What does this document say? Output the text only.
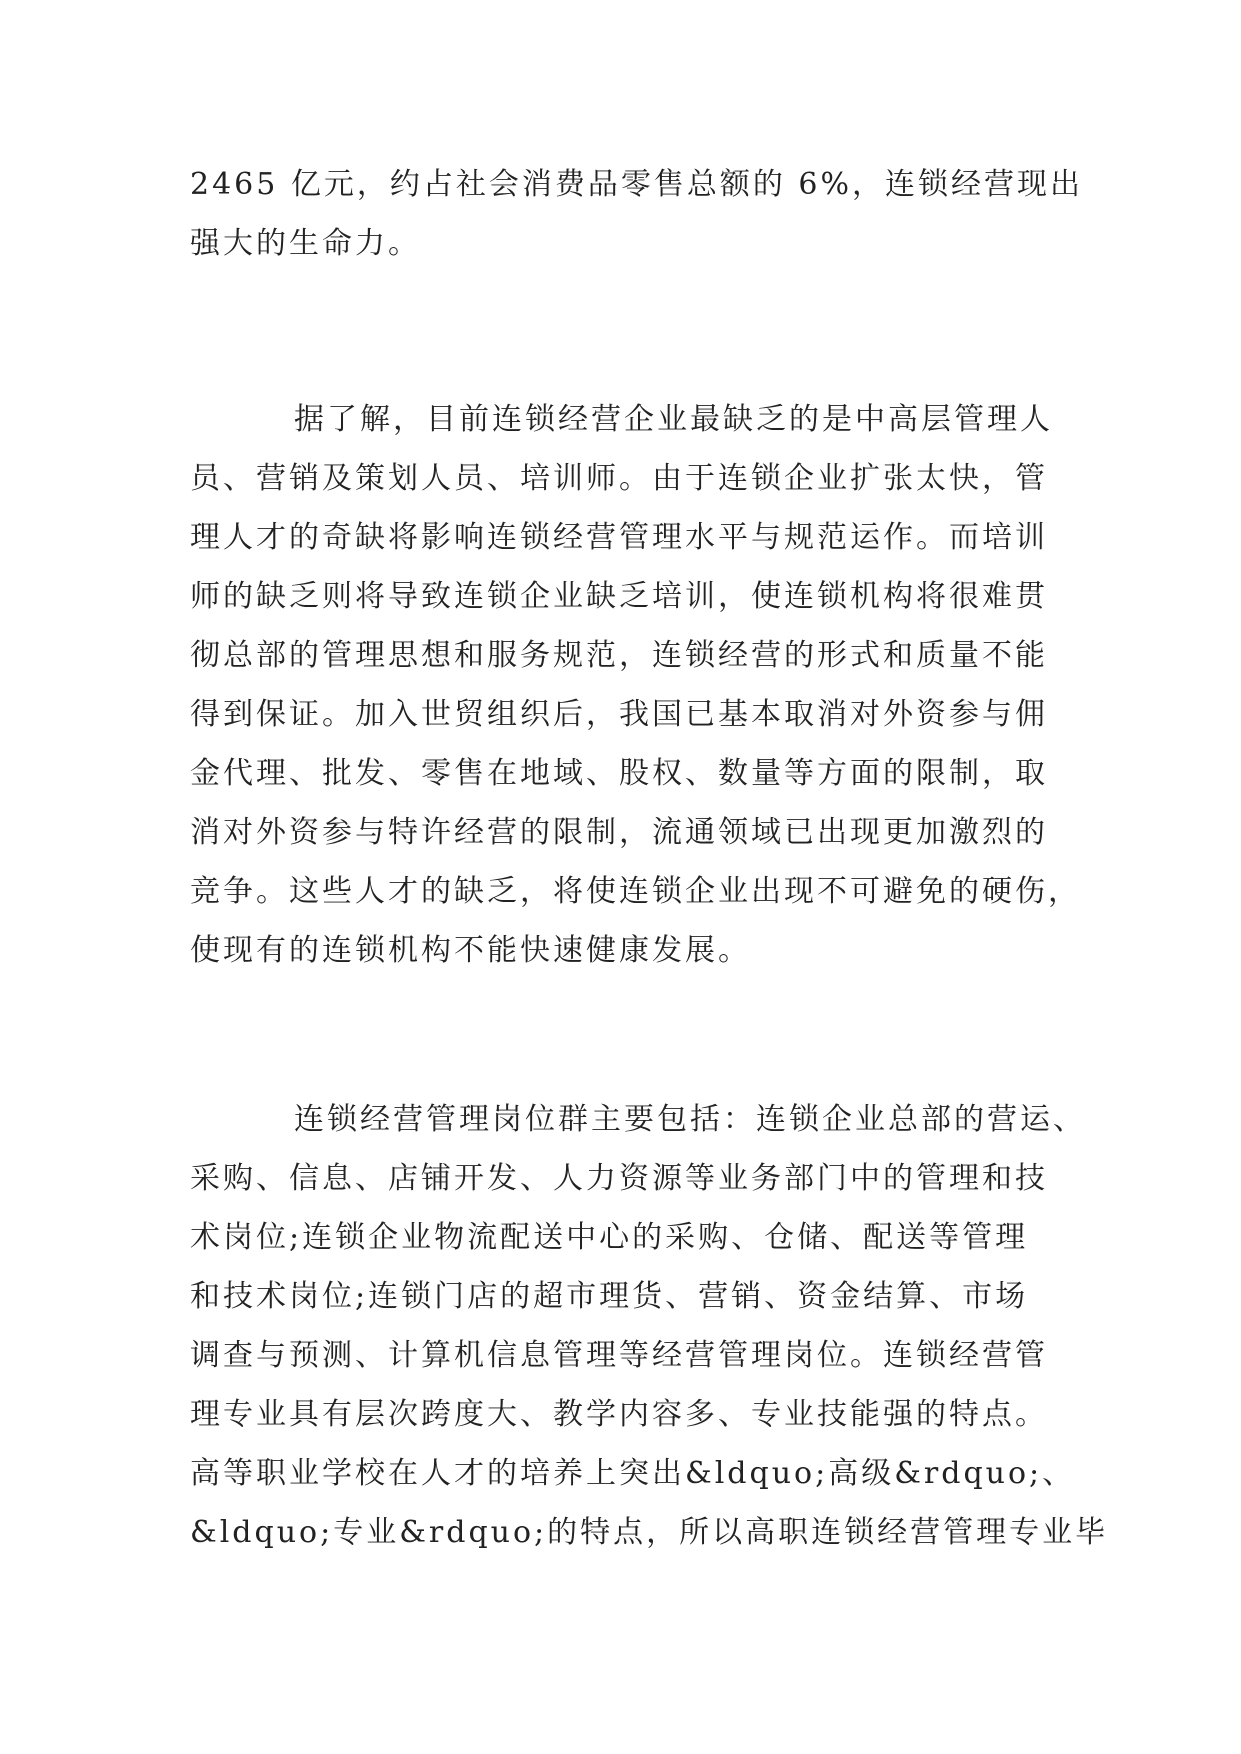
2465 亿元，约占社会消费品零售总额的 6%，连锁经营现出
强大的生命力。
据了解，目前连锁经营企业最缺乏的是中高层管理人
员、营销及策划人员、培训师。由于连锁企业扩张太快，管
理人才的奇缺将影响连锁经营管理水平与规范运作。而培训
师的缺乏则将导致连锁企业缺乏培训，使连锁机构将很难贯
彻总部的管理思想和服务规范，连锁经营的形式和质量不能
得到保证。加入世贸组织后，我国已基本取消对外资参与佣
金代理、批发、零售在地域、股权、数量等方面的限制，取
消对外资参与特许经营的限制，流通领域已出现更加激烈的
竞争。这些人才的缺乏，将使连锁企业出现不可避免的硬伤，
使现有的连锁机构不能快速健康发展。
连锁经营管理岗位群主要包括：连锁企业总部的营运、
采购、信息、店铺开发、人力资源等业务部门中的管理和技
术岗位;连锁企业物流配送中心的采购、仓储、配送等管理
和技术岗位;连锁门店的超市理货、营销、资金结算、市场
调查与预测、计算机信息管理等经营管理岗位。连锁经营管
理专业具有层次跨度大、教学内容多、专业技能强的特点。
高等职业学校在人才的培养上突出&ldquo;高级&rdquo;、
&ldquo;专业&rdquo;的特点，所以高职连锁经营管理专业毕
